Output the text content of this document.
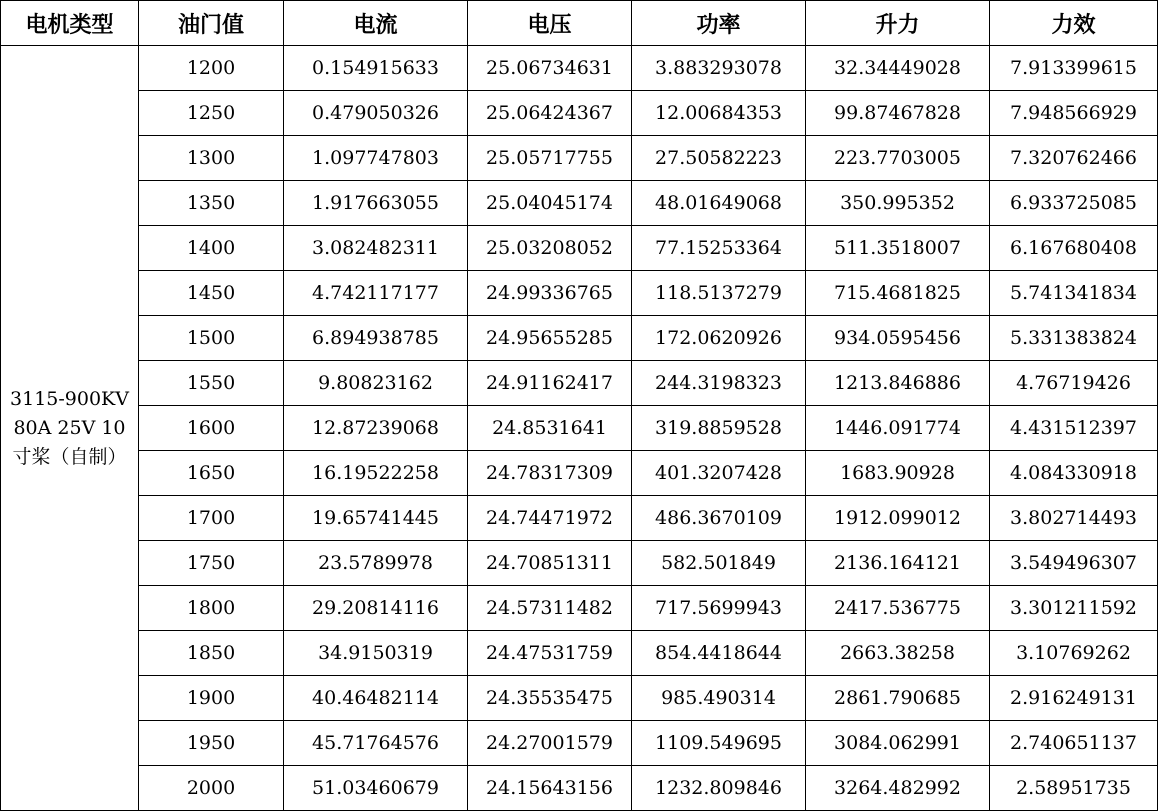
电机类型	油门值	电流	电压	功率	升力	力效
3115-900KV 80A 25V 10 寸桨（自制）	1200	0.154915633	25.06734631	3.883293078	32.34449028	7.913399615
	1250	0.479050326	25.06424367	12.00684353	99.87467828	7.948566929
	1300	1.097747803	25.05717755	27.50582223	223.7703005	7.320762466
	1350	1.917663055	25.04045174	48.01649068	350.995352	6.933725085
	1400	3.082482311	25.03208052	77.15253364	511.3518007	6.167680408
	1450	4.742117177	24.99336765	118.5137279	715.4681825	5.741341834
	1500	6.894938785	24.95655285	172.0620926	934.0595456	5.331383824
	1550	9.80823162	24.91162417	244.3198323	1213.846886	4.76719426
	1600	12.87239068	24.8531641	319.8859528	1446.091774	4.431512397
	1650	16.19522258	24.78317309	401.3207428	1683.90928	4.084330918
	1700	19.65741445	24.74471972	486.3670109	1912.099012	3.802714493
	1750	23.5789978	24.70851311	582.501849	2136.164121	3.549496307
	1800	29.20814116	24.57311482	717.5699943	2417.536775	3.301211592
	1850	34.9150319	24.47531759	854.4418644	2663.38258	3.10769262
	1900	40.46482114	24.35535475	985.490314	2861.790685	2.916249131
	1950	45.71764576	24.27001579	1109.549695	3084.062991	2.740651137
	2000	51.03460679	24.15643156	1232.809846	3264.482992	2.58951735
